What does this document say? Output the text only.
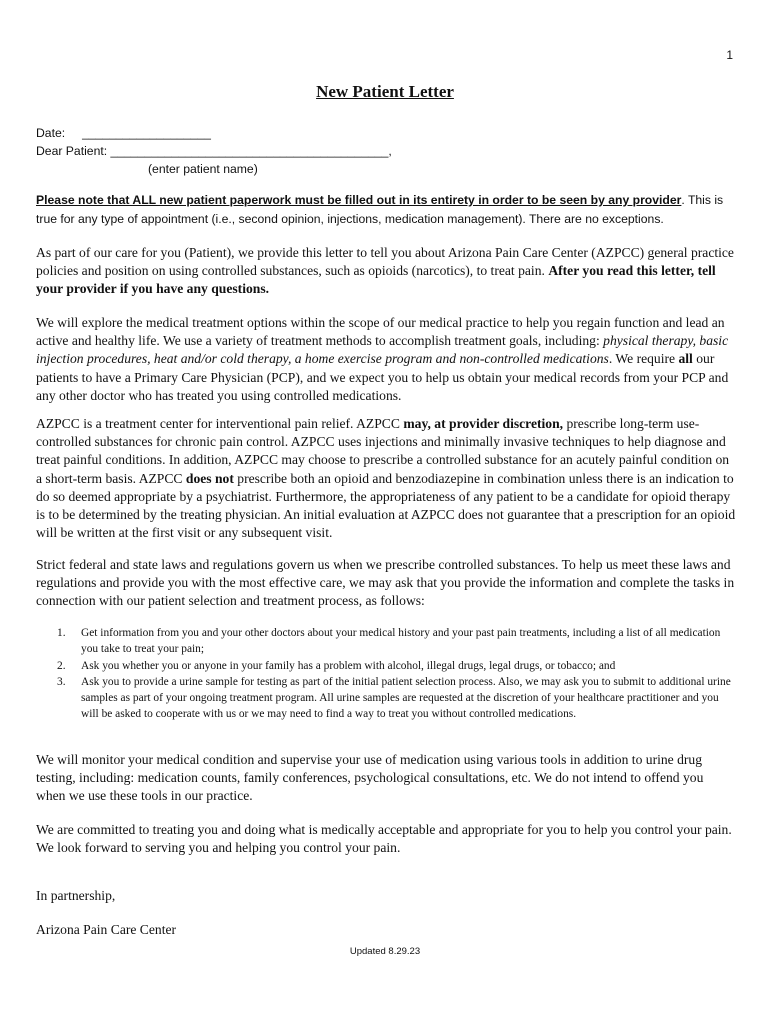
1
New Patient Letter
Date: ___________________
Dear Patient: _________________________________________,
(enter patient name)
Please note that ALL new patient paperwork must be filled out in its entirety in order to be seen by any provider. This is true for any type of appointment (i.e., second opinion, injections, medication management). There are no exceptions.
As part of our care for you (Patient), we provide this letter to tell you about Arizona Pain Care Center (AZPCC) general practice policies and position on using controlled substances, such as opioids (narcotics), to treat pain. After you read this letter, tell your provider if you have any questions.
We will explore the medical treatment options within the scope of our medical practice to help you regain function and lead an active and healthy life. We use a variety of treatment methods to accomplish treatment goals, including: physical therapy, basic injection procedures, heat and/or cold therapy, a home exercise program and non-controlled medications. We require all our patients to have a Primary Care Physician (PCP), and we expect you to help us obtain your medical records from your PCP and any other doctor who has treated you using controlled medications.
AZPCC is a treatment center for interventional pain relief. AZPCC may, at provider discretion, prescribe long-term use-controlled substances for chronic pain control. AZPCC uses injections and minimally invasive techniques to help diagnose and treat painful conditions. In addition, AZPCC may choose to prescribe a controlled substance for an acutely painful condition on a short-term basis. AZPCC does not prescribe both an opioid and benzodiazepine in combination unless there is an indication to do so deemed appropriate by a psychiatrist. Furthermore, the appropriateness of any patient to be a candidate for opioid therapy is to be determined by the treating physician. An initial evaluation at AZPCC does not guarantee that a prescription for an opioid will be written at the first visit or any subsequent visit.
Strict federal and state laws and regulations govern us when we prescribe controlled substances. To help us meet these laws and regulations and provide you with the most effective care, we may ask that you provide the information and complete the tasks in connection with our patient selection and treatment process, as follows:
1.	Get information from you and your other doctors about your medical history and your past pain treatments, including a list of all medication you take to treat your pain;
2.	Ask you whether you or anyone in your family has a problem with alcohol, illegal drugs, legal drugs, or tobacco; and
3.	Ask you to provide a urine sample for testing as part of the initial patient selection process. Also, we may ask you to submit to additional urine samples as part of your ongoing treatment program. All urine samples are requested at the discretion of your healthcare practitioner and you will be asked to cooperate with us or we may need to find a way to treat you without controlled medications.
We will monitor your medical condition and supervise your use of medication using various tools in addition to urine drug testing, including: medication counts, family conferences, psychological consultations, etc. We do not intend to offend you when we use these tools in our practice.
We are committed to treating you and doing what is medically acceptable and appropriate for you to help you control your pain. We look forward to serving you and helping you control your pain.
In partnership,
Arizona Pain Care Center
Updated 8.29.23
